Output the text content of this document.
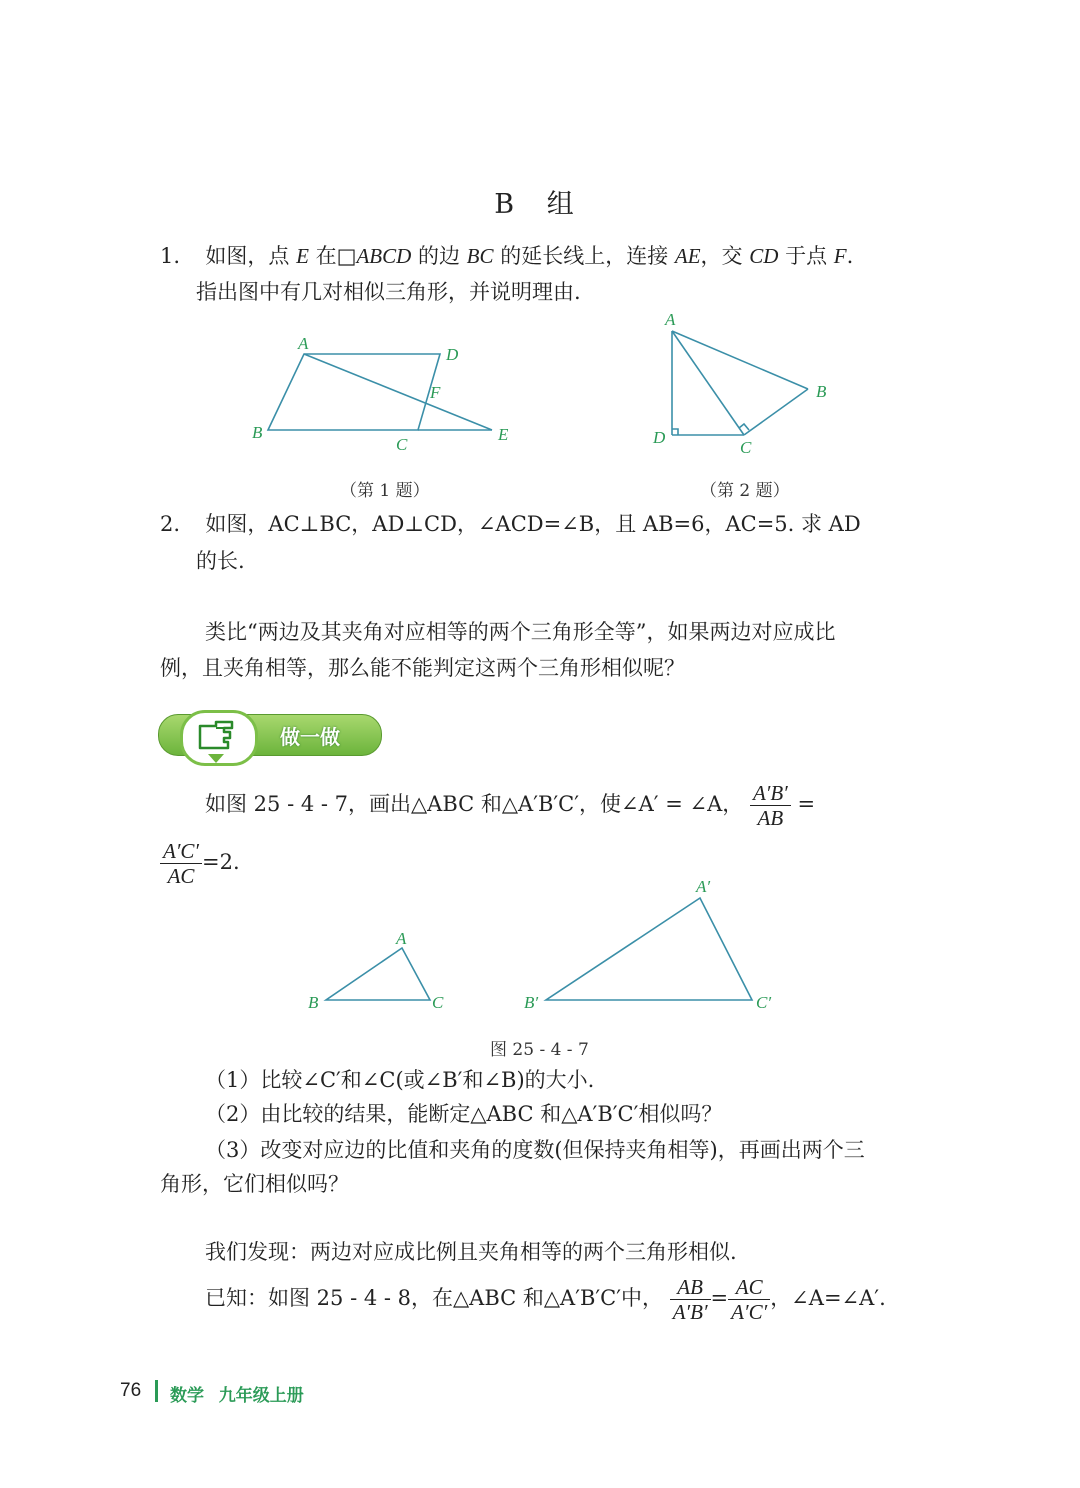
B 组
1. 如图，点 E 在□ABCD 的边 BC 的延长线上，连接 AE，交 CD 于点 F.
指出图中有几对相似三角形，并说明理由.
A
D
F
B
C
E
（第 1 题）
A
B
D
C
（第 2 题）
2. 如图，AC⊥BC，AD⊥CD，∠ACD=∠B，且 AB=6，AC=5. 求 AD
的长.
类比“两边及其夹角对应相等的两个三角形全等”，如果两边对应成比
例，且夹角相等，那么能不能判定这两个三角形相似呢？
做一做
如图 25 - 4 - 7，画出△ABC 和△A′B′C′，使∠A′ = ∠A， $\frac{A'B'}{AB}$ =
$\frac{A'C'}{AC} =2$.
A
B	C
A′
B′	C′
图 25 - 4 - 7
（1）比较∠C′和∠C(或∠B′和∠B)的大小.
（2）由比较的结果，能断定△ABC 和△A′B′C′相似吗？
（3）改变对应边的比值和夹角的度数(但保持夹角相等)，再画出两个三
角形，它们相似吗？
我们发现：两边对应成比例且夹角相等的两个三角形相似.
已知：如图 25 - 4 - 8，在△ABC 和△A′B′C′中， $\frac{AB}{A'B'} = \frac{AC}{A'C'}$ ，∠A=∠A′.
76 数学 九年级上册
